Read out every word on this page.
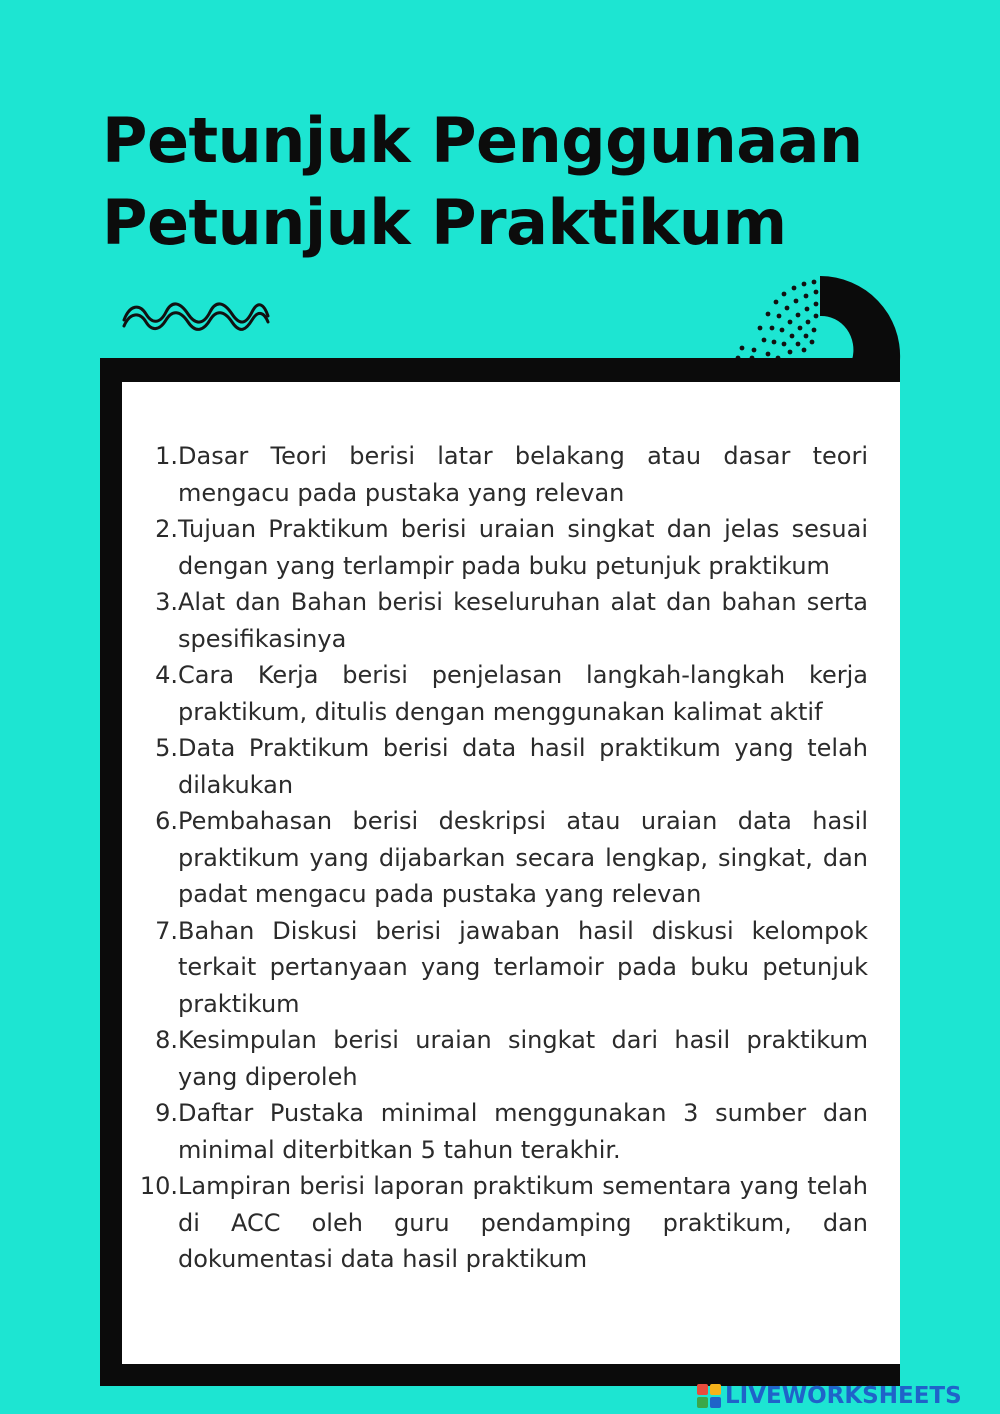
Petunjuk Penggunaan
Petunjuk Praktikum
1. Dasar Teori berisi latar belakang atau dasar teori mengacu pada pustaka yang relevan
2. Tujuan Praktikum berisi uraian singkat dan jelas sesuai dengan yang terlampir pada buku petunjuk praktikum
3. Alat dan Bahan berisi keseluruhan alat dan bahan serta spesifikasinya
4. Cara Kerja berisi penjelasan langkah-langkah kerja praktikum, ditulis dengan menggunakan kalimat aktif
5. Data Praktikum berisi data hasil praktikum yang telah dilakukan
6. Pembahasan berisi deskripsi atau uraian data hasil praktikum yang dijabarkan secara lengkap, singkat, dan padat mengacu pada pustaka yang relevan
7. Bahan Diskusi berisi jawaban hasil diskusi kelompok terkait pertanyaan yang terlamoir pada buku petunjuk praktikum
8. Kesimpulan berisi uraian singkat dari hasil praktikum yang diperoleh
9. Daftar Pustaka minimal menggunakan 3 sumber dan minimal diterbitkan 5 tahun terakhir.
10. Lampiran berisi laporan praktikum sementara yang telah di ACC oleh guru pendamping praktikum, dan dokumentasi data hasil praktikum
LIVEWORKSHEETS
